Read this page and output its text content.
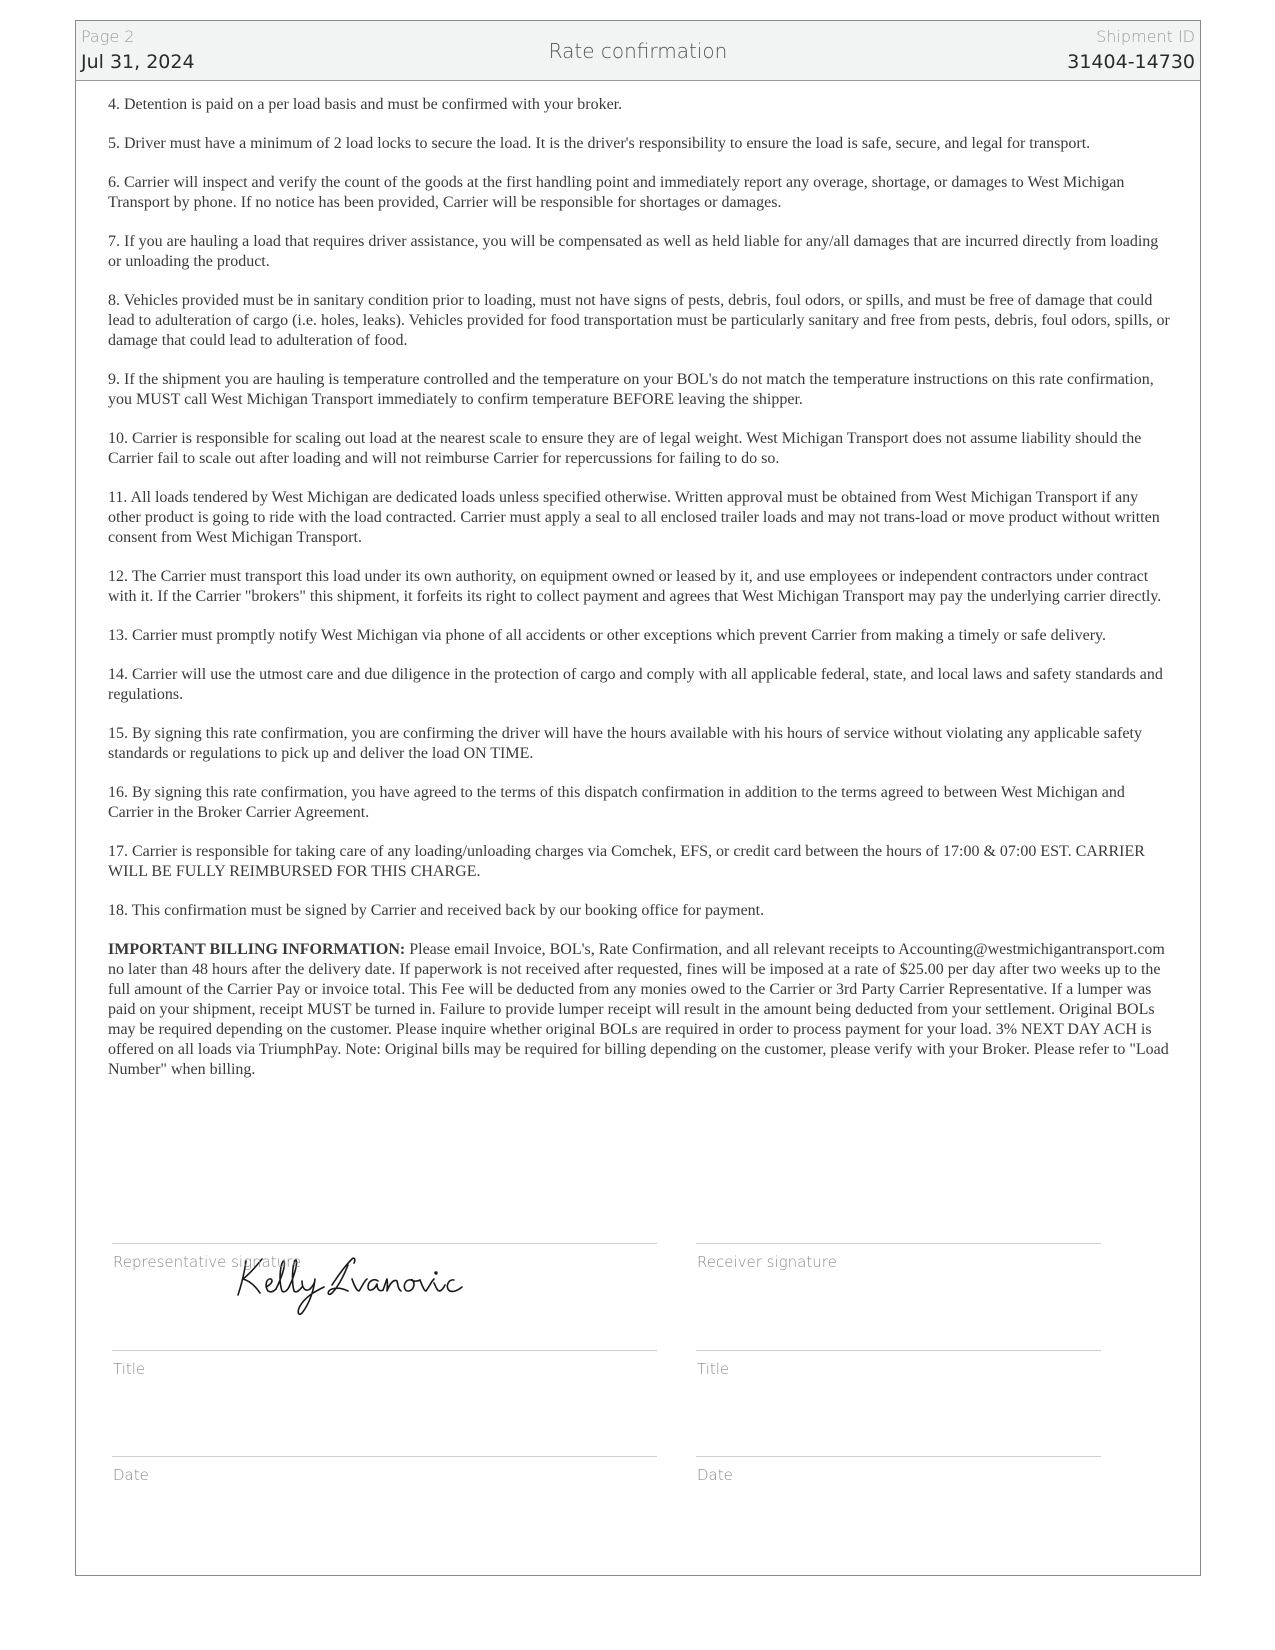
Page 2
Jul 31, 2024	Rate confirmation
Shipment ID
31404-14730

4. Detention is paid on a per load basis and must be confirmed with your broker.

5. Driver must have a minimum of 2 load locks to secure the load. It is the driver's responsibility to ensure the load is safe, secure, and legal for transport.

6. Carrier will inspect and verify the count of the goods at the first handling point and immediately report any overage, shortage, or damages to West Michigan Transport by phone. If no notice has been provided, Carrier will be responsible for shortages or damages.

7. If you are hauling a load that requires driver assistance, you will be compensated as well as held liable for any/all damages that are incurred directly from loading or unloading the product.

8. Vehicles provided must be in sanitary condition prior to loading, must not have signs of pests, debris, foul odors, or spills, and must be free of damage that could lead to adulteration of cargo (i.e. holes, leaks). Vehicles provided for food transportation must be particularly sanitary and free from pests, debris, foul odors, spills, or damage that could lead to adulteration of food.

9. If the shipment you are hauling is temperature controlled and the temperature on your BOL's do not match the temperature instructions on this rate confirmation, you MUST call West Michigan Transport immediately to confirm temperature BEFORE leaving the shipper.

10. Carrier is responsible for scaling out load at the nearest scale to ensure they are of legal weight. West Michigan Transport does not assume liability should the Carrier fail to scale out after loading and will not reimburse Carrier for repercussions for failing to do so.

11. All loads tendered by West Michigan are dedicated loads unless specified otherwise. Written approval must be obtained from West Michigan Transport if any other product is going to ride with the load contracted. Carrier must apply a seal to all enclosed trailer loads and may not trans-load or move product without written consent from West Michigan Transport.

12. The Carrier must transport this load under its own authority, on equipment owned or leased by it, and use employees or independent contractors under contract with it. If the Carrier "brokers" this shipment, it forfeits its right to collect payment and agrees that West Michigan Transport may pay the underlying carrier directly.

13. Carrier must promptly notify West Michigan via phone of all accidents or other exceptions which prevent Carrier from making a timely or safe delivery.

14. Carrier will use the utmost care and due diligence in the protection of cargo and comply with all applicable federal, state, and local laws and safety standards and regulations.

15. By signing this rate confirmation, you are confirming the driver will have the hours available with his hours of service without violating any applicable safety standards or regulations to pick up and deliver the load ON TIME.

16. By signing this rate confirmation, you have agreed to the terms of this dispatch confirmation in addition to the terms agreed to between West Michigan and Carrier in the Broker Carrier Agreement.

17. Carrier is responsible for taking care of any loading/unloading charges via Comchek, EFS, or credit card between the hours of 17:00 & 07:00 EST. CARRIER WILL BE FULLY REIMBURSED FOR THIS CHARGE.

18. This confirmation must be signed by Carrier and received back by our booking office for payment.

IMPORTANT BILLING INFORMATION: Please email Invoice, BOL's, Rate Confirmation, and all relevant receipts to Accounting@westmichigantransport.com no later than 48 hours after the delivery date. If paperwork is not received after requested, fines will be imposed at a rate of $25.00 per day after two weeks up to the full amount of the Carrier Pay or invoice total. This Fee will be deducted from any monies owed to the Carrier or 3rd Party Carrier Representative. If a lumper was paid on your shipment, receipt MUST be turned in. Failure to provide lumper receipt will result in the amount being deducted from your settlement. Original BOLs may be required depending on the customer. Please inquire whether original BOLs are required in order to process payment for your load. 3% NEXT DAY ACH is offered on all loads via TriumphPay. Note: Original bills may be required for billing depending on the customer, please verify with your Broker. Please refer to "Load Number" when billing.

Representative signature	Receiver signature
Title	Title
Date	Date
